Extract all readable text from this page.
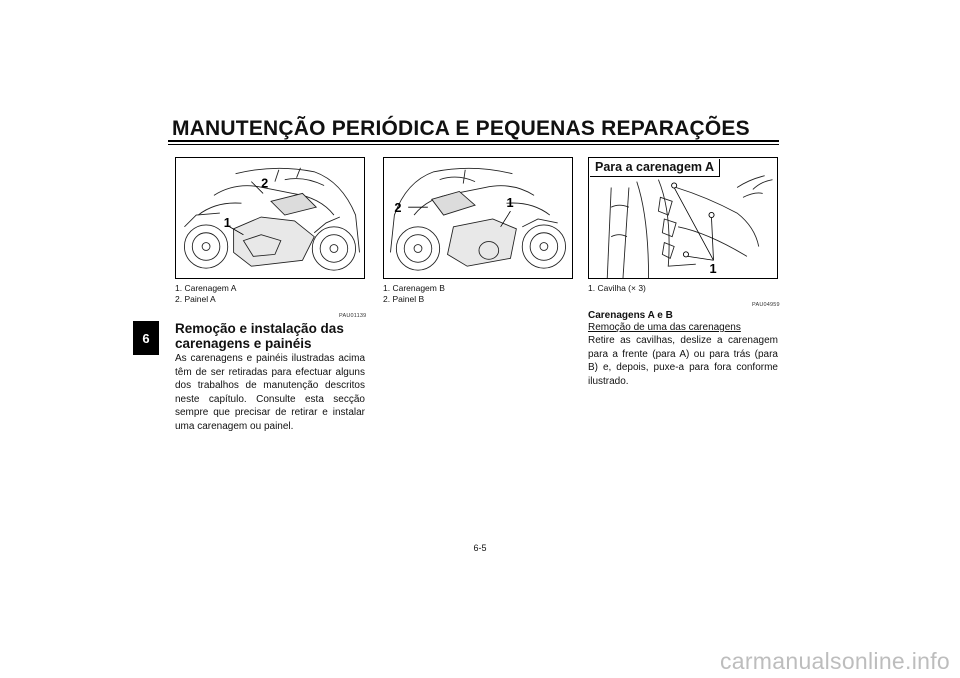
MANUTENÇÃO PERIÓDICA E PEQUENAS REPARAÇÕES
6
2
1
2	1
1
Para a carenagem A
1. Carenagem A
2. Painel A
1. Carenagem B
2. Painel B
1. Cavilha (× 3)
PAU01139
Remoção e instalação das carenagens e painéis

As carenagens e painéis ilustradas acima têm de ser retiradas para efectuar alguns dos trabalhos de manutenção descritos neste capítulo. Consulte esta secção sempre que precisar de retirar e instalar uma carenagem ou painel.

PAU04959
Carenagens A e B
Remoção de uma das carenagens

Retire as cavilhas, deslize a carenagem para a frente (para A) ou para trás (para B) e, depois, puxe-a para fora conforme ilustrado.

6-5
carmanualsonline.info
